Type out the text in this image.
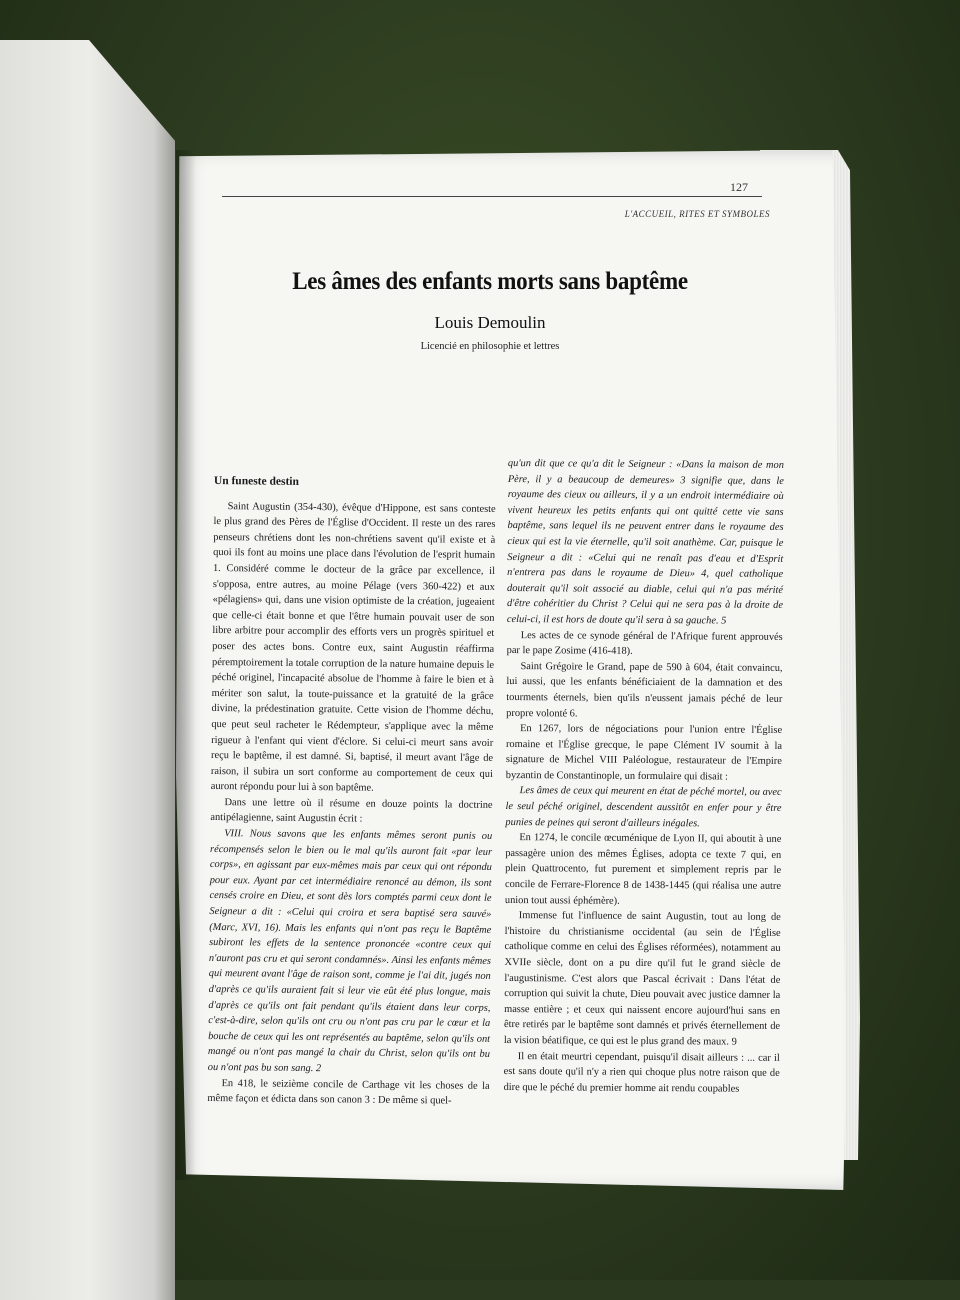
127
L'ACCUEIL, RITES ET SYMBOLES
Les âmes des enfants morts sans baptême
Louis Demoulin
Licencié en philosophie et lettres

Un funeste destin

Saint Augustin (354-430), évêque d'Hippone, est sans conteste le plus grand des Pères de l'Église d'Occident. Il reste un des rares penseurs chrétiens dont les non-chrétiens savent qu'il existe et à quoi ils font au moins une place dans l'évolution de l'esprit humain 1. Considéré comme le docteur de la grâce par excellence, il s'opposa, entre autres, au moine Pélage (vers 360-422) et aux «pélagiens» qui, dans une vision optimiste de la création, jugeaient que celle-ci était bonne et que l'être humain pouvait user de son libre arbitre pour accomplir des efforts vers un progrès spirituel et poser des actes bons. Contre eux, saint Augustin réaffirma péremptoirement la totale corruption de la nature humaine depuis le péché originel, l'incapacité absolue de l'homme à faire le bien et à mériter son salut, la toute-puissance et la gratuité de la grâce divine, la prédestination gratuite. Cette vision de l'homme déchu, que peut seul racheter le Rédempteur, s'applique avec la même rigueur à l'enfant qui vient d'éclore. Si celui-ci meurt sans avoir reçu le baptême, il est damné. Si, baptisé, il meurt avant l'âge de raison, il subira un sort conforme au comportement de ceux qui auront répondu pour lui à son baptême.

Dans une lettre où il résume en douze points la doctrine antipélagienne, saint Augustin écrit :

VIII. Nous savons que les enfants mêmes seront punis ou récompensés selon le bien ou le mal qu'ils auront fait «par leur corps», en agissant par eux-mêmes mais par ceux qui ont répondu pour eux. Ayant par cet intermédiaire renoncé au démon, ils sont censés croire en Dieu, et sont dès lors comptés parmi ceux dont le Seigneur a dit : «Celui qui croira et sera baptisé sera sauvé» (Marc, XVI, 16). Mais les enfants qui n'ont pas reçu le Baptême subiront les effets de la sentence prononcée «contre ceux qui n'auront pas cru et qui seront condamnés». Ainsi les enfants mêmes qui meurent avant l'âge de raison sont, comme je l'ai dit, jugés non d'après ce qu'ils auraient fait si leur vie eût été plus longue, mais d'après ce qu'ils ont fait pendant qu'ils étaient dans leur corps, c'est-à-dire, selon qu'ils ont cru ou n'ont pas cru par le cœur et la bouche de ceux qui les ont représentés au baptême, selon qu'ils ont mangé ou n'ont pas mangé la chair du Christ, selon qu'ils ont bu ou n'ont pas bu son sang. 2

En 418, le seizième concile de Carthage vit les choses de la même façon et édicta dans son canon 3 : De même si quel-

qu'un dit que ce qu'a dit le Seigneur : «Dans la maison de mon Père, il y a beaucoup de demeures» 3 signifie que, dans le royaume des cieux ou ailleurs, il y a un endroit intermédiaire où vivent heureux les petits enfants qui ont quitté cette vie sans baptême, sans lequel ils ne peuvent entrer dans le royaume des cieux qui est la vie éternelle, qu'il soit anathème. Car, puisque le Seigneur a dit : «Celui qui ne renaît pas d'eau et d'Esprit n'entrera pas dans le royaume de Dieu» 4, quel catholique douterait qu'il soit associé au diable, celui qui n'a pas mérité d'être cohéritier du Christ ? Celui qui ne sera pas à la droite de celui-ci, il est hors de doute qu'il sera à sa gauche. 5

Les actes de ce synode général de l'Afrique furent approuvés par le pape Zosime (416-418).

Saint Grégoire le Grand, pape de 590 à 604, était convaincu, lui aussi, que les enfants bénéficiaient de la damnation et des tourments éternels, bien qu'ils n'eussent jamais péché de leur propre volonté 6.

En 1267, lors de négociations pour l'union entre l'Église romaine et l'Église grecque, le pape Clément IV soumit à la signature de Michel VIII Paléologue, restaurateur de l'Empire byzantin de Constantinople, un formulaire qui disait :

Les âmes de ceux qui meurent en état de péché mortel, ou avec le seul péché originel, descendent aussitôt en enfer pour y être punies de peines qui seront d'ailleurs inégales.

En 1274, le concile œcuménique de Lyon II, qui aboutit à une passagère union des mêmes Églises, adopta ce texte 7 qui, en plein Quattrocento, fut purement et simplement repris par le concile de Ferrare-Florence 8 de 1438-1445 (qui réalisa une autre union tout aussi éphémère).

Immense fut l'influence de saint Augustin, tout au long de l'histoire du christianisme occidental (au sein de l'Église catholique comme en celui des Églises réformées), notamment au XVIIe siècle, dont on a pu dire qu'il fut le grand siècle de l'augustinisme. C'est alors que Pascal écrivait : Dans l'état de corruption qui suivit la chute, Dieu pouvait avec justice damner la masse entière ; et ceux qui naissent encore aujourd'hui sans en être retirés par le baptême sont damnés et privés éternellement de la vision béatifique, ce qui est le plus grand des maux. 9

Il en était meurtri cependant, puisqu'il disait ailleurs : ... car il est sans doute qu'il n'y a rien qui choque plus notre raison que de dire que le péché du premier homme ait rendu coupables
